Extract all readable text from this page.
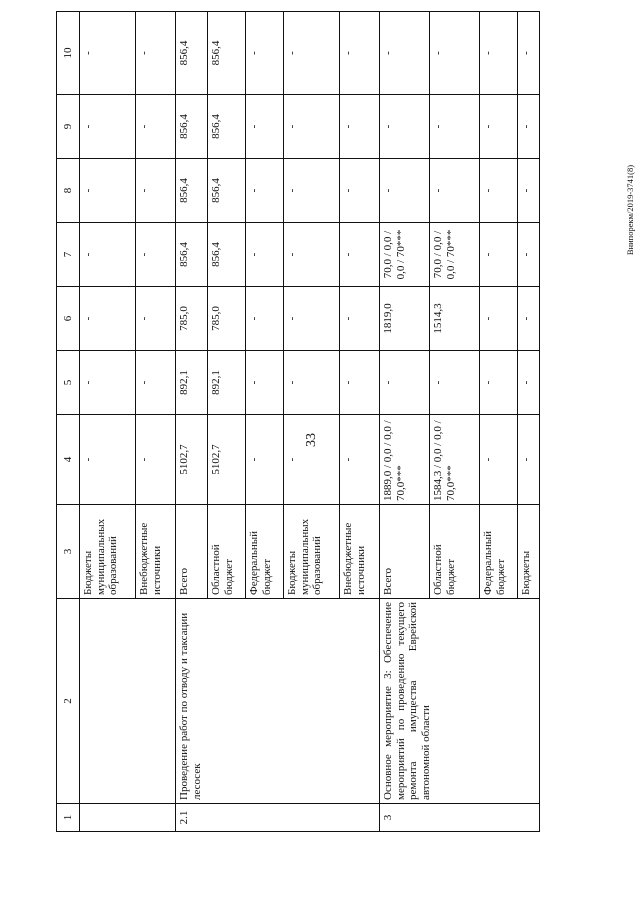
33
Внипорекм/2019-3741(8)
1	2	3	4	5	6	7	8	9	10
		Бюджеты муниципальных образований	-	-	-	-	-	-	-
		Внебюджетные источники	-	-	-	-	-	-	-
2.1	Проведение работ по отводу и таксации лесосек	Всего	5102,7	892,1	785,0	856,4	856,4	856,4	856,4
		Областной бюджет	5102,7	892,1	785,0	856,4	856,4	856,4	856,4
		Федеральный бюджет	-	-	-	-	-	-	-
		Бюджеты муниципальных образований	-	-	-	-	-	-	-
		Внебюджетные источники	-	-	-	-	-	-	-
3	Основное мероприятие 3: Обеспечение мероприятий по проведению текущего ремонта имущества Еврейской автономной области	Всего	1889,0 / 0,0 / 0,0 / 70,0***	-	1819,0	70,0 / 0,0 / 0,0 / 70***	-	-	-
		Областной бюджет	1584,3 / 0,0 / 0,0 / 70,0***	-	1514,3	70,0 / 0,0 / 0,0 / 70***	-	-	-
		Федеральный бюджет	-	-	-	-	-	-	-
		Бюджеты	-	-	-	-	-	-	-
